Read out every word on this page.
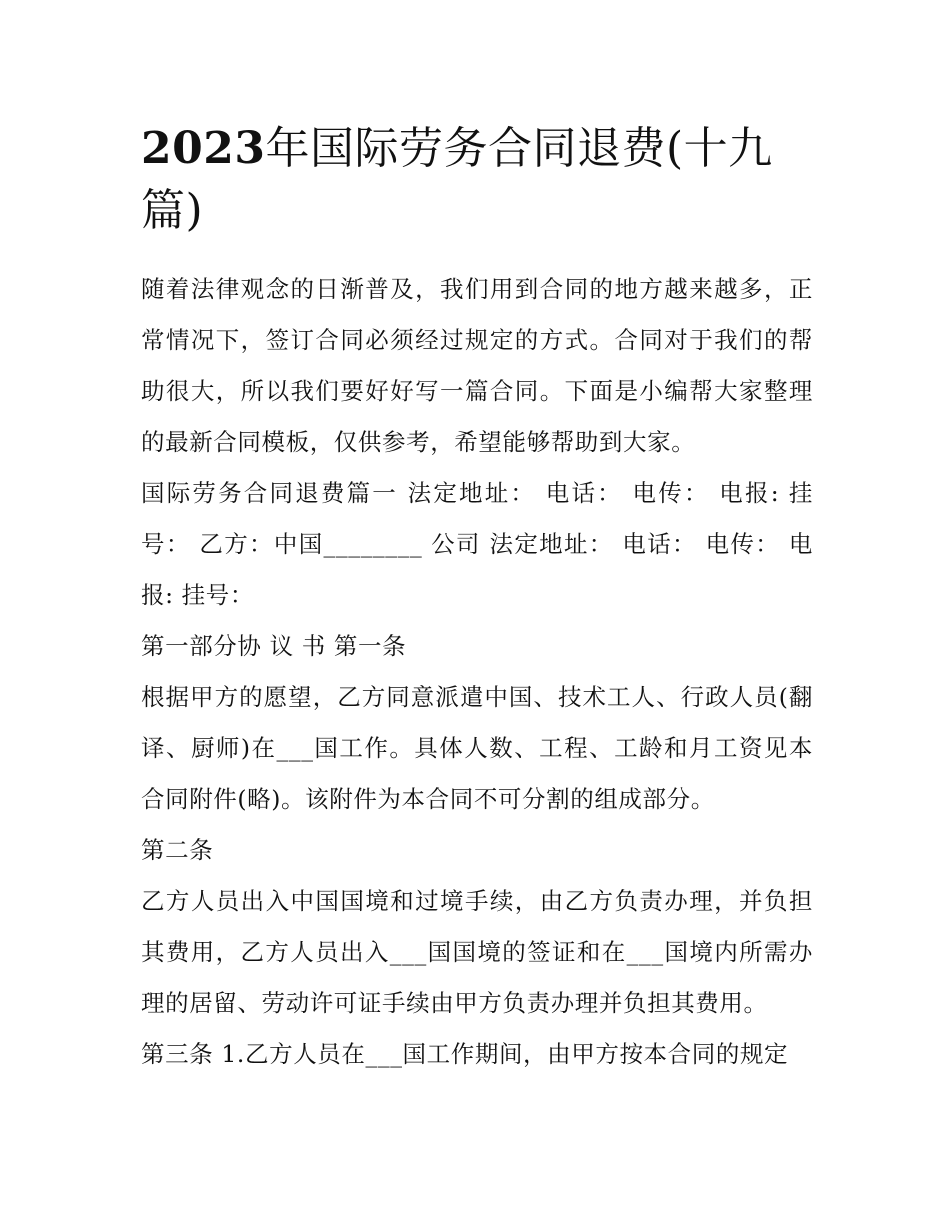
2023年国际劳务合同退费(十九篇)

随着法律观念的日渐普及，我们用到合同的地方越来越多，正常情况下，签订合同必须经过规定的方式。合同对于我们的帮助很大，所以我们要好好写一篇合同。下面是小编帮大家整理的最新合同模板，仅供参考，希望能够帮助到大家。

国际劳务合同退费篇一 法定地址： 电话： 电传： 电报: 挂号： 乙方：中国________ 公司 法定地址： 电话： 电传： 电报: 挂号：

第一部分协 议 书 第一条

根据甲方的愿望，乙方同意派遣中国、技术工人、行政人员(翻译、厨师)在___国工作。具体人数、工程、工龄和月工资见本合同附件(略)。该附件为本合同不可分割的组成部分。

第二条

乙方人员出入中国国境和过境手续，由乙方负责办理，并负担其费用，乙方人员出入___国国境的签证和在___国境内所需办理的居留、劳动许可证手续由甲方负责办理并负担其费用。

第三条 1.乙方人员在___国工作期间，由甲方按本合同的规定
